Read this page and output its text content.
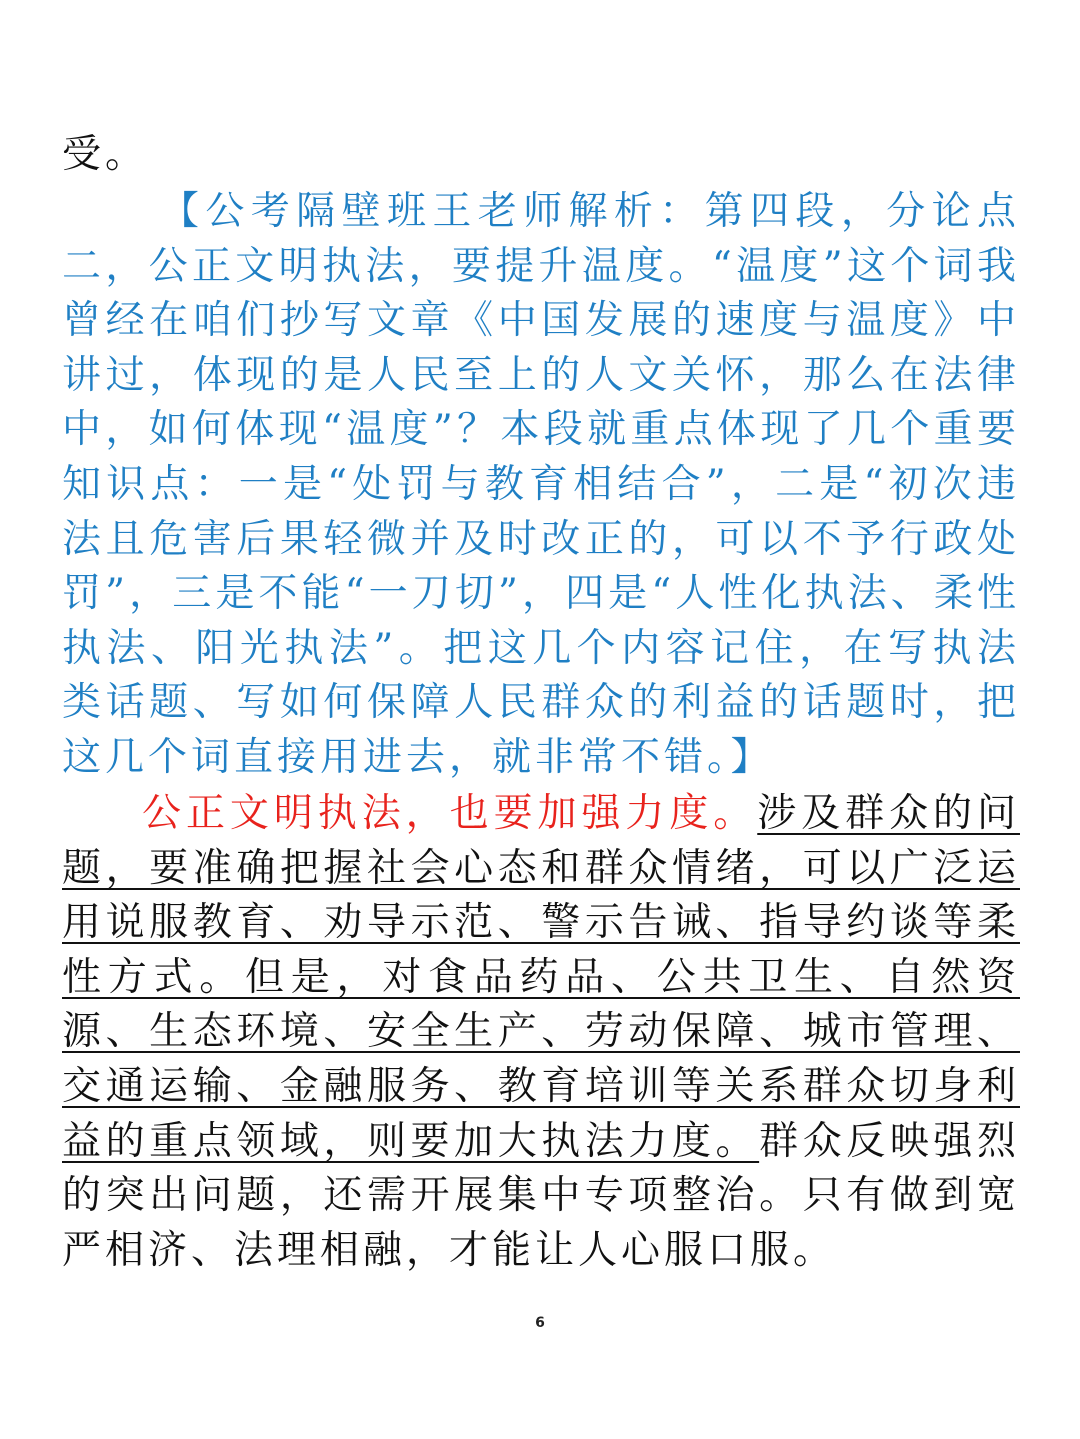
受。

【公考隔壁班王老师解析：第四段，分论点二，公正文明执法，要提升温度。“温度”这个词我曾经在咱们抄写文章《中国发展的速度与温度》中讲过，体现的是人民至上的人文关怀，那么在法律中，如何体现“温度”？本段就重点体现了几个重要知识点：一是“处罚与教育相结合”，二是“初次违法且危害后果轻微并及时改正的，可以不予行政处罚”，三是不能“一刀切”，四是“人性化执法、柔性执法、阳光执法”。把这几个内容记住，在写执法类话题、写如何保障人民群众的利益的话题时，把这几个词直接用进去，就非常不错。】

公正文明执法，也要加强力度。涉及群众的问题，要准确把握社会心态和群众情绪，可以广泛运用说服教育、劝导示范、警示告诫、指导约谈等柔性方式。但是，对食品药品、公共卫生、自然资源、生态环境、安全生产、劳动保障、城市管理、交通运输、金融服务、教育培训等关系群众切身利益的重点领域，则要加大执法力度。群众反映强烈的突出问题，还需开展集中专项整治。只有做到宽严相济、法理相融，才能让人心服口服。

6
